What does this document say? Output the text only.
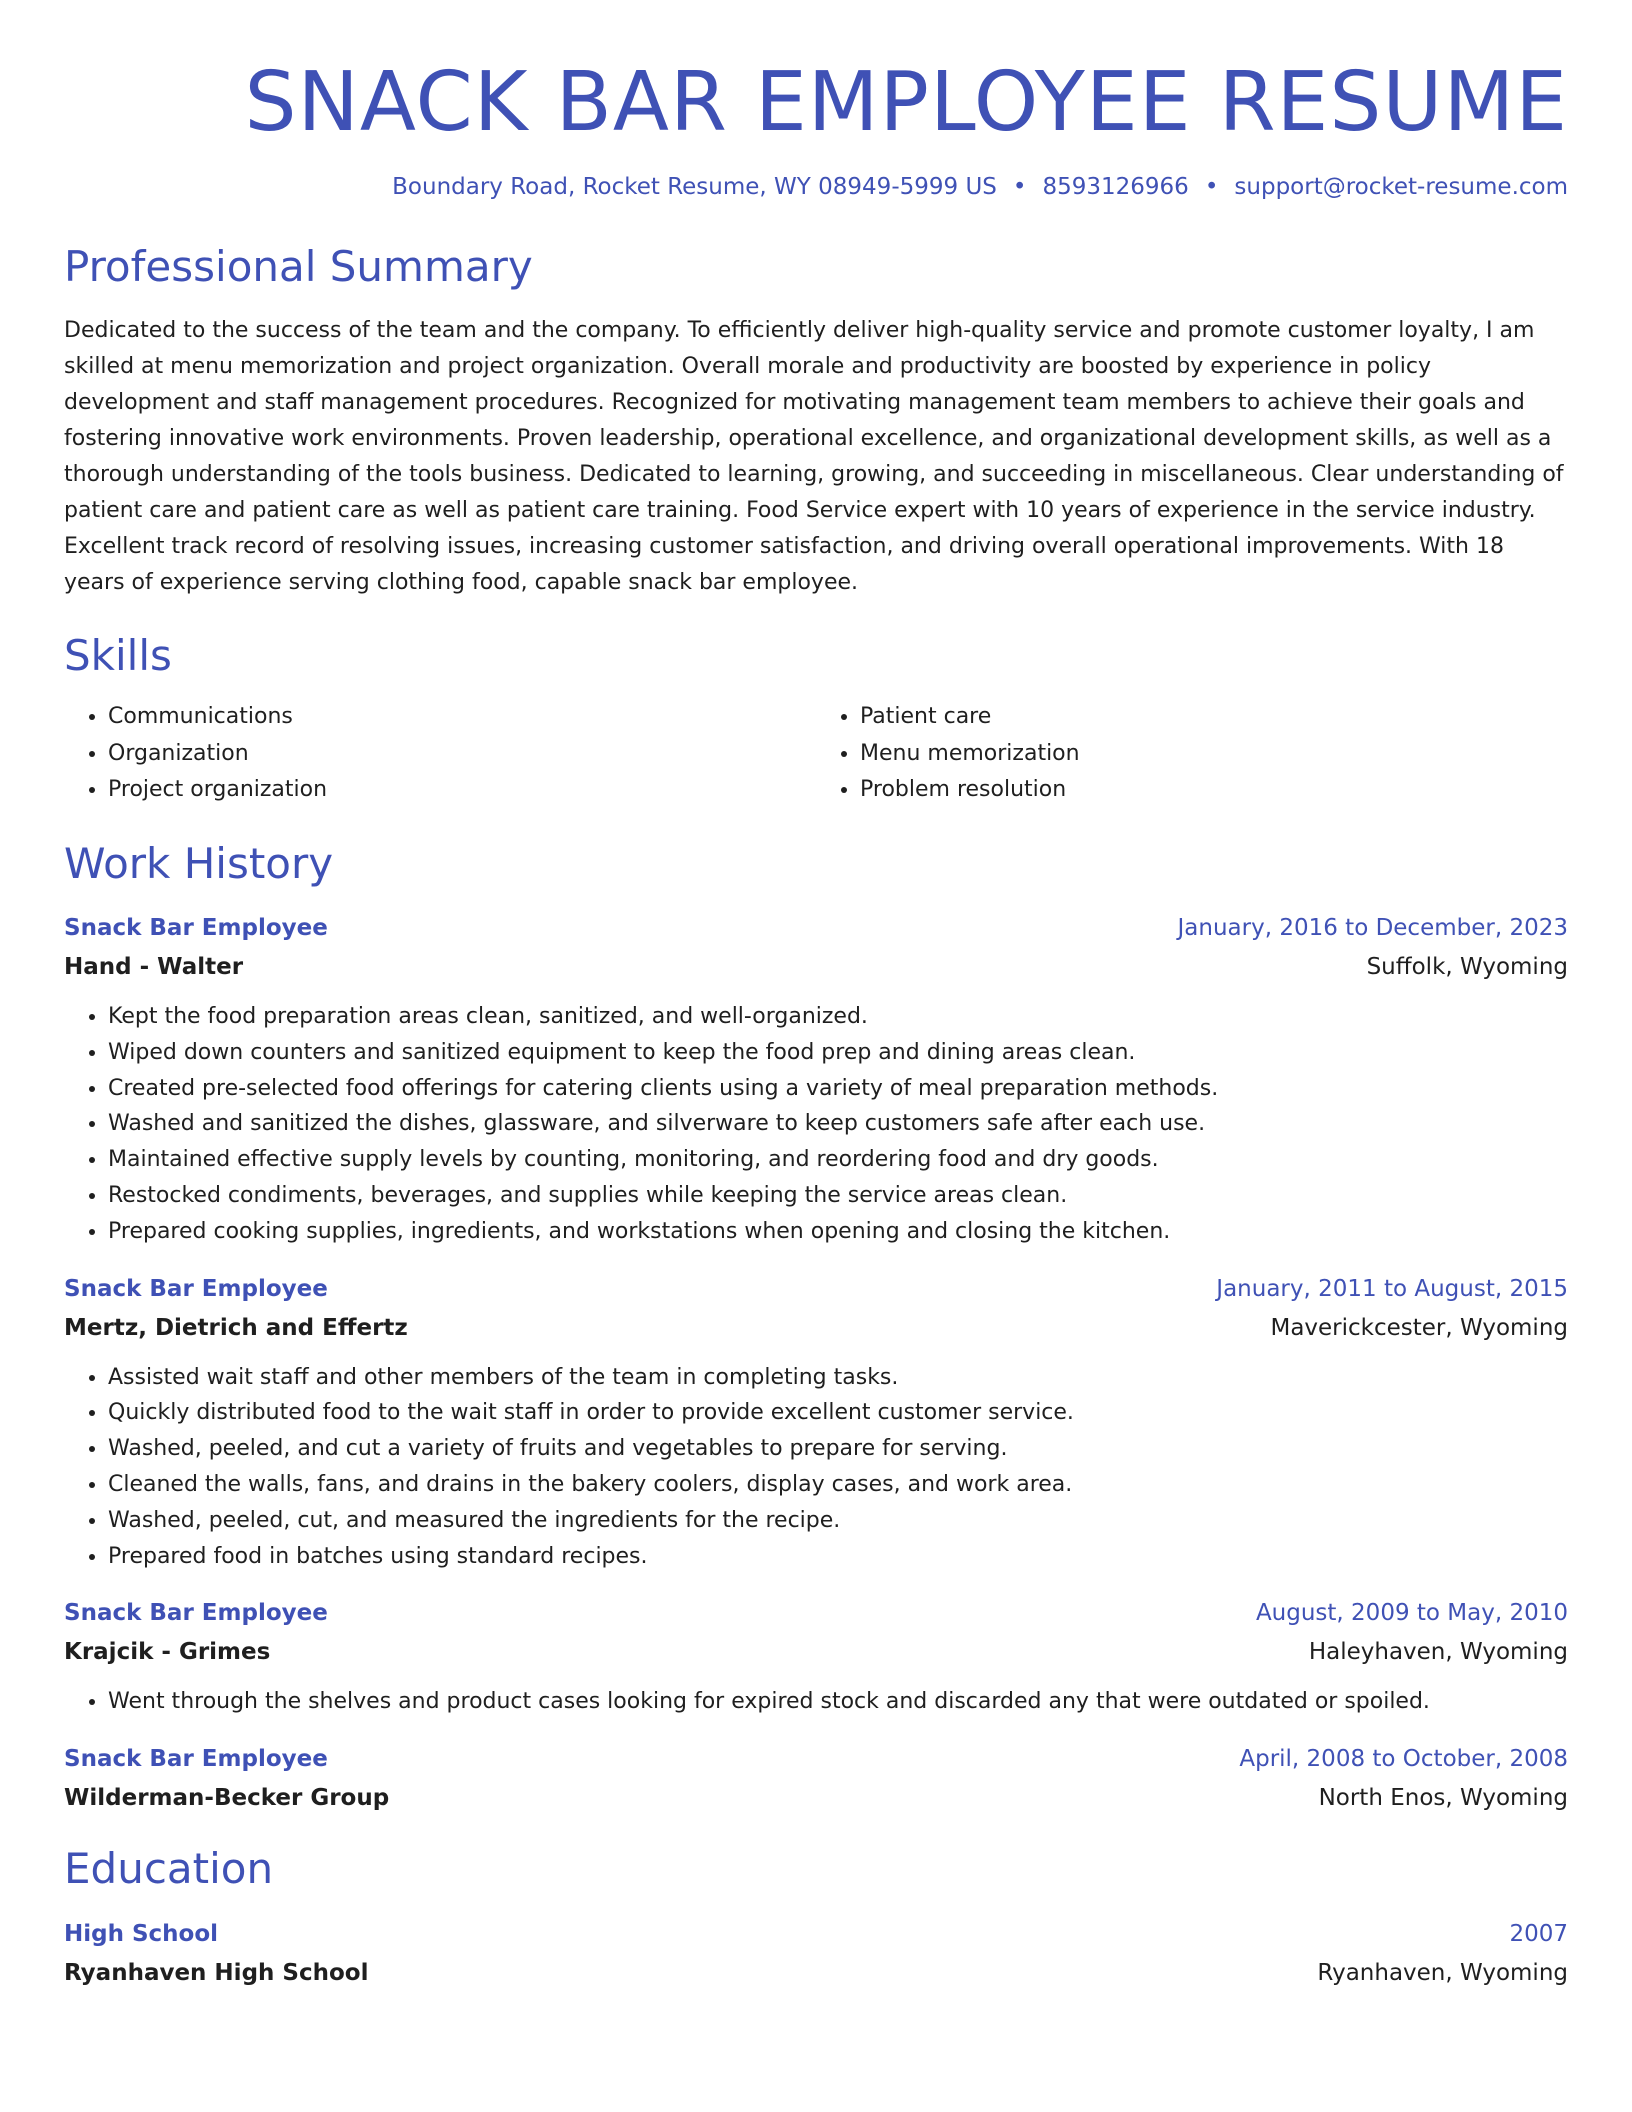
SNACK BAR EMPLOYEE RESUME
Boundary Road, Rocket Resume, WY 08949-5999 US • 8593126966 • support@rocket-resume.com
Professional Summary
Dedicated to the success of the team and the company. To efficiently deliver high-quality service and promote customer loyalty, I am skilled at menu memorization and project organization. Overall morale and productivity are boosted by experience in policy development and staff management procedures. Recognized for motivating management team members to achieve their goals and fostering innovative work environments. Proven leadership, operational excellence, and organizational development skills, as well as a thorough understanding of the tools business. Dedicated to learning, growing, and succeeding in miscellaneous. Clear understanding of patient care and patient care as well as patient care training. Food Service expert with 10 years of experience in the service industry. Excellent track record of resolving issues, increasing customer satisfaction, and driving overall operational improvements. With 18 years of experience serving clothing food, capable snack bar employee.
Skills
• Communications
• Organization
• Project organization
• Patient care
• Menu memorization
• Problem resolution
Work History
Snack Bar Employee	January, 2016 to December, 2023
Hand - Walter	Suffolk, Wyoming
• Kept the food preparation areas clean, sanitized, and well-organized.
• Wiped down counters and sanitized equipment to keep the food prep and dining areas clean.
• Created pre-selected food offerings for catering clients using a variety of meal preparation methods.
• Washed and sanitized the dishes, glassware, and silverware to keep customers safe after each use.
• Maintained effective supply levels by counting, monitoring, and reordering food and dry goods.
• Restocked condiments, beverages, and supplies while keeping the service areas clean.
• Prepared cooking supplies, ingredients, and workstations when opening and closing the kitchen.
Snack Bar Employee	January, 2011 to August, 2015
Mertz, Dietrich and Effertz	Maverickcester, Wyoming
• Assisted wait staff and other members of the team in completing tasks.
• Quickly distributed food to the wait staff in order to provide excellent customer service.
• Washed, peeled, and cut a variety of fruits and vegetables to prepare for serving.
• Cleaned the walls, fans, and drains in the bakery coolers, display cases, and work area.
• Washed, peeled, cut, and measured the ingredients for the recipe.
• Prepared food in batches using standard recipes.
Snack Bar Employee	August, 2009 to May, 2010
Krajcik - Grimes	Haleyhaven, Wyoming
• Went through the shelves and product cases looking for expired stock and discarded any that were outdated or spoiled.
Snack Bar Employee	April, 2008 to October, 2008
Wilderman-Becker Group	North Enos, Wyoming
Education
High School	2007
Ryanhaven High School	Ryanhaven, Wyoming
